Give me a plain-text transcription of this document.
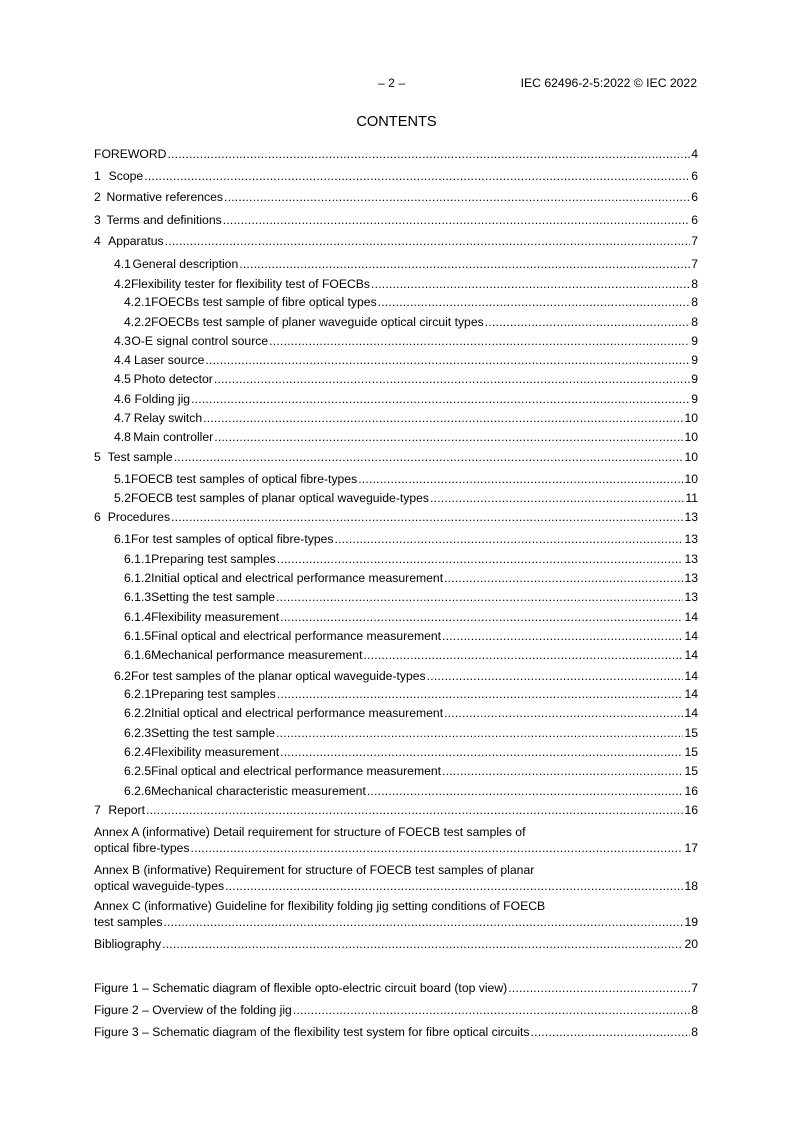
– 2 –	IEC 62496-2-5:2022 © IEC 2022
CONTENTS
FOREWORD .....	4
1 Scope .....	6
2 Normative references .....	6
3 Terms and definitions .....	6
4 Apparatus .....	7
4.1 General description .....	7
4.2 Flexibility tester for flexibility test of FOECBs .....	8
4.2.1 FOECBs test sample of fibre optical types .....	8
4.2.2 FOECBs test sample of planer waveguide optical circuit types .....	8
4.3 O-E signal control source .....	9
4.4 Laser source .....	9
4.5 Photo detector .....	9
4.6 Folding jig .....	9
4.7 Relay switch .....	10
4.8 Main controller .....	10
5 Test sample .....	10
5.1 FOECB test samples of optical fibre-types .....	10
5.2 FOECB test samples of planar optical waveguide-types .....	11
6 Procedures .....	13
6.1 For test samples of optical fibre-types .....	13
6.1.1 Preparing test samples .....	13
6.1.2 Initial optical and electrical performance measurement .....	13
6.1.3 Setting the test sample .....	13
6.1.4 Flexibility measurement .....	14
6.1.5 Final optical and electrical performance measurement .....	14
6.1.6 Mechanical performance measurement .....	14
6.2 For test samples of the planar optical waveguide-types .....	14
6.2.1 Preparing test samples .....	14
6.2.2 Initial optical and electrical performance measurement .....	14
6.2.3 Setting the test sample .....	15
6.2.4 Flexibility measurement .....	15
6.2.5 Final optical and electrical performance measurement .....	15
6.2.6 Mechanical characteristic measurement .....	16
7 Report .....	16
Annex A (informative) Detail requirement for structure of FOECB test samples of
optical fibre-types .....	17
Annex B (informative) Requirement for structure of FOECB test samples of planar
optical waveguide-types .....	18
Annex C (informative) Guideline for flexibility folding jig setting conditions of FOECB
test samples .....	19
Bibliography .....	20
Figure 1 – Schematic diagram of flexible opto-electric circuit board (top view) .....	7
Figure 2 – Overview of the folding jig .....	8
Figure 3 – Schematic diagram of the flexibility test system for fibre optical circuits .....	8
